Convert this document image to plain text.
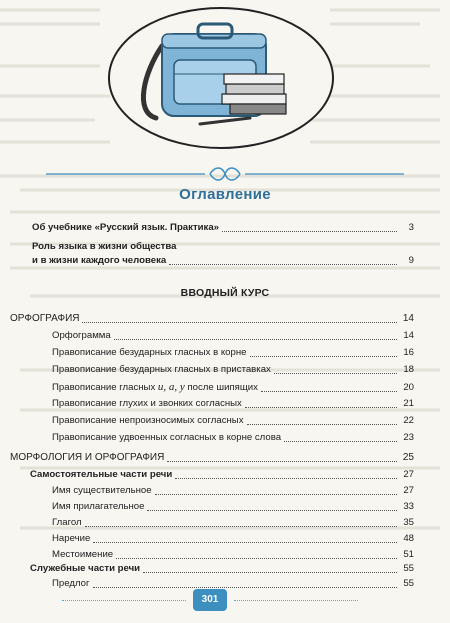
Оглавление
Об учебнике «Русский язык. Практика»	3
Роль языка в жизни общества
и в жизни каждого человека	9
ВВОДНЫЙ КУРС
ОРФОГРАФИЯ	14
Орфограмма	14
Правописание безударных гласных в корне	16
Правописание безударных гласных в приставках	18
Правописание гласных и, а, у после шипящих	20
Правописание глухих и звонких согласных	21
Правописание непроизносимых согласных	22
Правописание удвоенных согласных в корне слова	23
МОРФОЛОГИЯ И ОРФОГРАФИЯ	25
Самостоятельные части речи	27
Имя существительное	27
Имя прилагательное	33
Глагол	35
Наречие	48
Местоимение	51
Служебные части речи	55
Предлог	55
301
